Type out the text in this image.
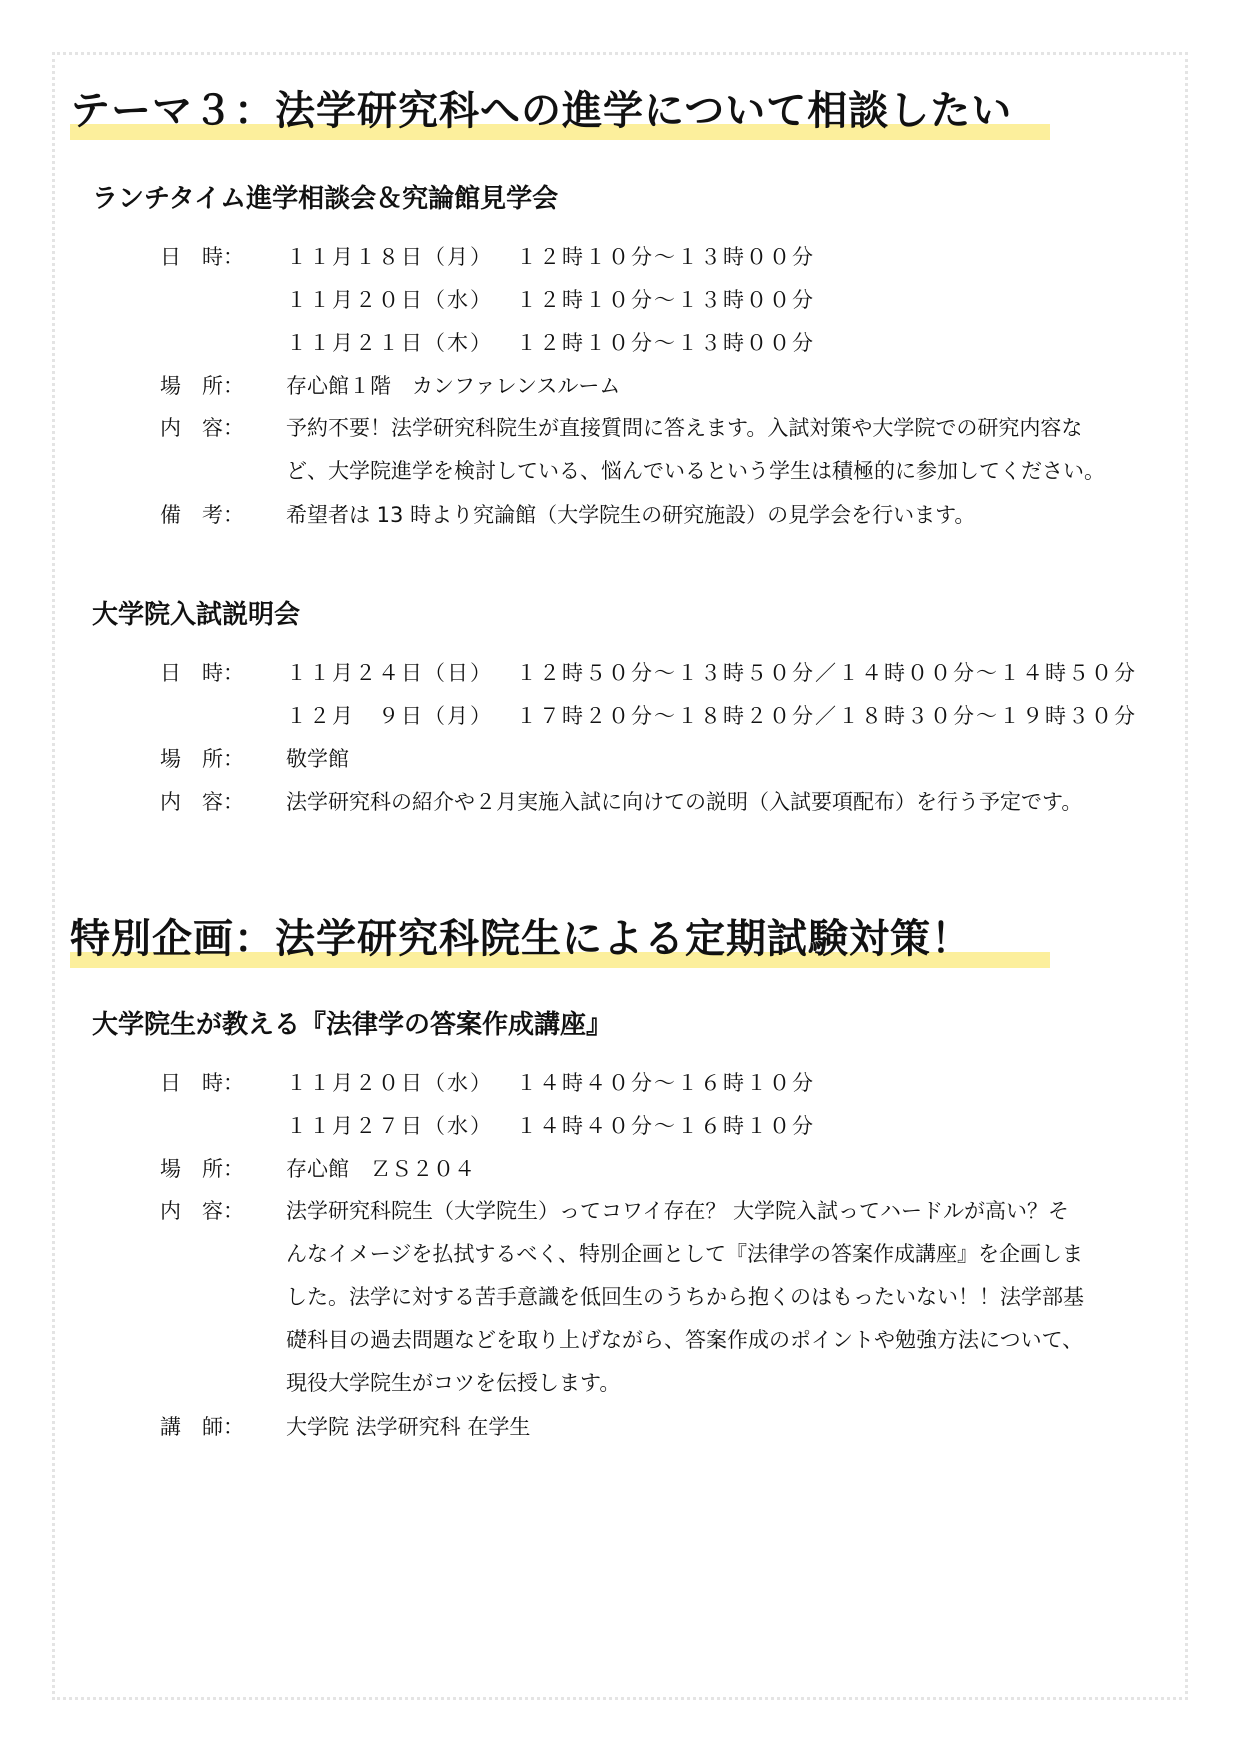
テーマ３：法学研究科への進学について相談したい
ランチタイム進学相談会＆究論館見学会
日　時：	１１月１８日（月） １２時１０分～１３時００分
１１月２０日（水） １２時１０分～１３時００分
１１月２１日（木） １２時１０分～１３時００分
場　所：	存心館１階　カンファレンスルーム
内　容： 予約不要！法学研究科院生が直接質問に答えます。入試対策や大学院での研究内容な
ど、大学院進学を検討している、悩んでいるという学生は積極的に参加してください。
備　考：	希望者は 13 時より究論館（大学院生の研究施設）の見学会を行います。
大学院入試説明会
日　時：	１１月２４日（日） １２時５０分～１３時５０分／１４時００分～１４時５０分
１２月　９日（月） １７時２０分～１８時２０分／１８時３０分～１９時３０分
場　所：	敬学館
内　容：	法学研究科の紹介や２月実施入試に向けての説明（入試要項配布）を行う予定です。
特別企画：法学研究科院生による定期試験対策！
大学院生が教える『法律学の答案作成講座』
日　時：	１１月２０日（水） １４時４０分～１６時１０分
１１月２７日（水） １４時４０分～１６時１０分
場　所：	存心館　ＺＳ２０４
内　容： 法学研究科院生（大学院生）ってコワイ存在？ 大学院入試ってハードルが高い？そ
んなイメージを払拭するべく、特別企画として『法律学の答案作成講座』を企画しま
した。法学に対する苦手意識を低回生のうちから抱くのはもったいない！！法学部基
礎科目の過去問題などを取り上げながら、答案作成のポイントや勉強方法について、
現役大学院生がコツを伝授します。
講　師：	大学院 法学研究科 在学生
